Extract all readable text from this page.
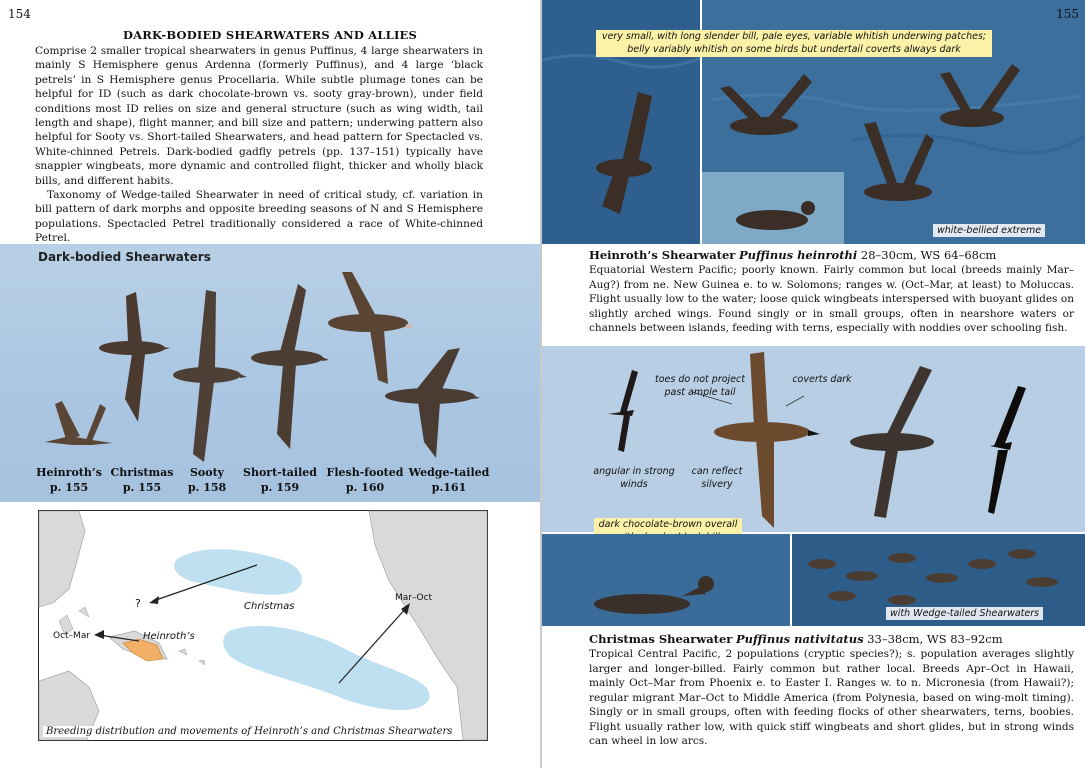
154
DARK-BODIED SHEARWATERS AND ALLIES

Comprise 2 smaller tropical shearwaters in genus Puffinus, 4 large shearwaters in mainly S Hemisphere genus Ardenna (formerly Puffinus), and 4 large ‘black petrels’ in S Hemisphere genus Procellaria. While subtle plumage tones can be helpful for ID (such as dark chocolate-brown vs. sooty gray-brown), under field conditions most ID relies on size and general structure (such as wing width, tail length and shape), flight manner, and bill size and pattern; underwing pattern also helpful for Sooty vs. Short-tailed Shearwaters, and head pattern for Spectacled vs. White-chinned Petrels. Dark-bodied gadfly petrels (pp. 137–151) typically have snappier wingbeats, more dynamic and controlled flight, thicker and wholly black bills, and different habits.

Taxonomy of Wedge-tailed Shearwater in need of critical study, cf. variation in bill pattern of dark morphs and opposite breeding seasons of N and S Hemisphere populations. Spectacled Petrel traditionally considered a race of White-chinned Petrel.

Dark-bodied Shearwaters
Heinroth’s
p. 155
Christmas
p. 155
Sooty
p. 158
Short-tailed
p. 159
Flesh-footed
p. 160
Wedge-tailed
p.161
Christmas
Heinroth’s
Oct–Mar
Mar–Oct
?
Breeding distribution and movements of Heinroth’s and Christmas Shearwaters
very small, with long slender bill, pale eyes, variable whitish underwing patches; belly variably whitish on some birds but undertail coverts always dark
white-bellied extreme
155
Heinroth’s Shearwater Puffinus heinrothi 28–30cm, WS 64–68cm

Equatorial Western Pacific; poorly known. Fairly common but local (breeds mainly Mar–Aug?) from ne. New Guinea e. to w. Solomons; ranges w. (Oct–Mar, at least) to Moluccas. Flight usually low to the water; loose quick wingbeats interspersed with buoyant glides on slightly arched wings. Found singly or in small groups, often in nearshore waters or channels between islands, feeding with terns, especially with noddies over schooling fish.

toes do not project past ample tail
coverts dark
angular in strong winds
can reflect silvery
dark chocolate-brown overall
with Wedge-tailed Shearwaters
Christmas Shearwater Puffinus nativitatus 33–38cm, WS 83–92cm

Tropical Central Pacific, 2 populations (cryptic species?); s. population averages slightly larger and longer-billed. Fairly common but rather local. Breeds Apr–Oct in Hawaii, mainly Oct–Mar from Phoenix e. to Easter I. Ranges w. to n. Micronesia (from Hawaii?); regular migrant Mar–Oct to Middle America (from Polynesia, based on wing-molt timing). Singly or in small groups, often with feeding flocks of other shearwaters, terns, boobies. Flight usually rather low, with quick stiff wingbeats and short glides, but in strong winds can wheel in low arcs.
